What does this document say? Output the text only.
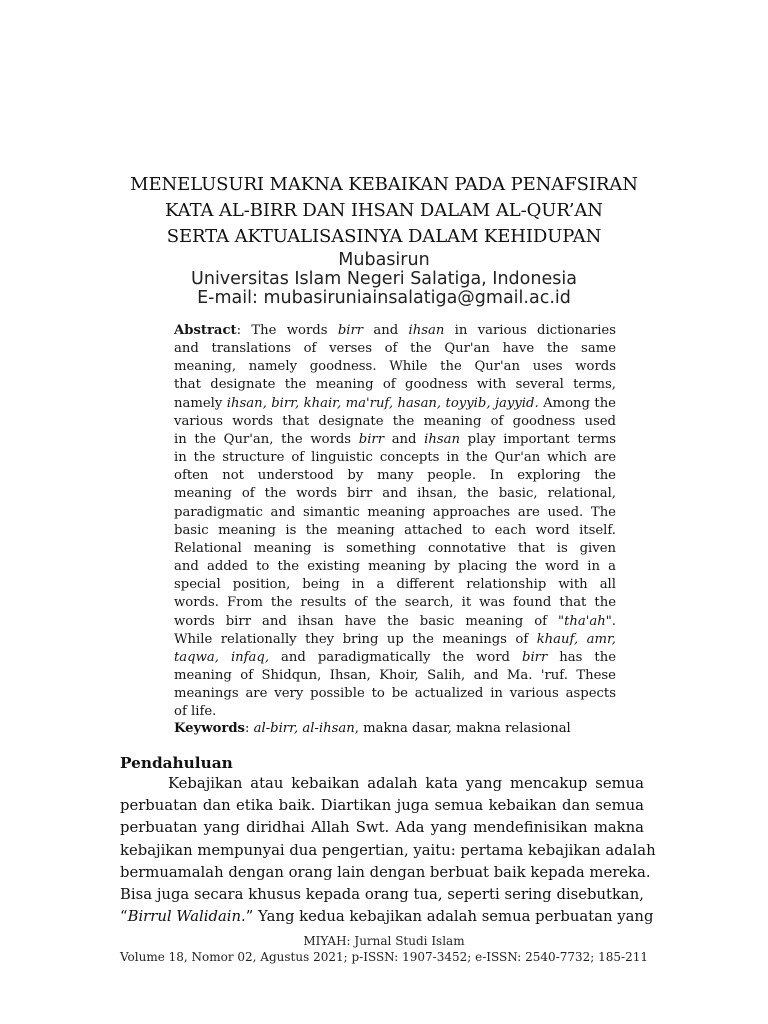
MENELUSURI MAKNA KEBAIKAN PADA PENAFSIRAN
KATA AL-BIRR DAN IHSAN DALAM AL-QUR’AN
SERTA AKTUALISASINYA DALAM KEHIDUPAN
Mubasirun
Universitas Islam Negeri Salatiga, Indonesia
E-mail: mubasiruniainsalatiga@gmail.ac.id
Abstract: The words birr and ihsan in various dictionaries
and translations of verses of the Qur'an have the same
meaning, namely goodness. While the Qur'an uses words
that designate the meaning of goodness with several terms,
namely ihsan, birr, khair, ma'ruf, hasan, toyyib, jayyid. Among the
various words that designate the meaning of goodness used
in the Qur'an, the words birr and ihsan play important terms
in the structure of linguistic concepts in the Qur'an which are
often not understood by many people. In exploring the
meaning of the words birr and ihsan, the basic, relational,
paradigmatic and simantic meaning approaches are used. The
basic meaning is the meaning attached to each word itself.
Relational meaning is something connotative that is given
and added to the existing meaning by placing the word in a
special position, being in a different relationship with all
words. From the results of the search, it was found that the
words birr and ihsan have the basic meaning of "tha'ah".
While relationally they bring up the meanings of khauf, amr,
taqwa, infaq, and paradigmatically the word birr has the
meaning of Shidqun, Ihsan, Khoir, Salih, and Ma. 'ruf. These
meanings are very possible to be actualized in various aspects
of life.
Keywords: al-birr, al-ihsan, makna dasar, makna relasional
Pendahuluan
Kebajikan atau kebaikan adalah kata yang mencakup semua
perbuatan dan etika baik. Diartikan juga semua kebaikan dan semua
perbuatan yang diridhai Allah Swt. Ada yang mendefinisikan makna
kebajikan mempunyai dua pengertian, yaitu: pertama kebajikan adalah
bermuamalah dengan orang lain dengan berbuat baik kepada mereka.
Bisa juga secara khusus kepada orang tua, seperti sering disebutkan,
“Birrul Walidain.” Yang kedua kebajikan adalah semua perbuatan yang
MIYAH: Jurnal Studi Islam
Volume 18, Nomor 02, Agustus 2021; p-ISSN: 1907-3452; e-ISSN: 2540-7732; 185-211
